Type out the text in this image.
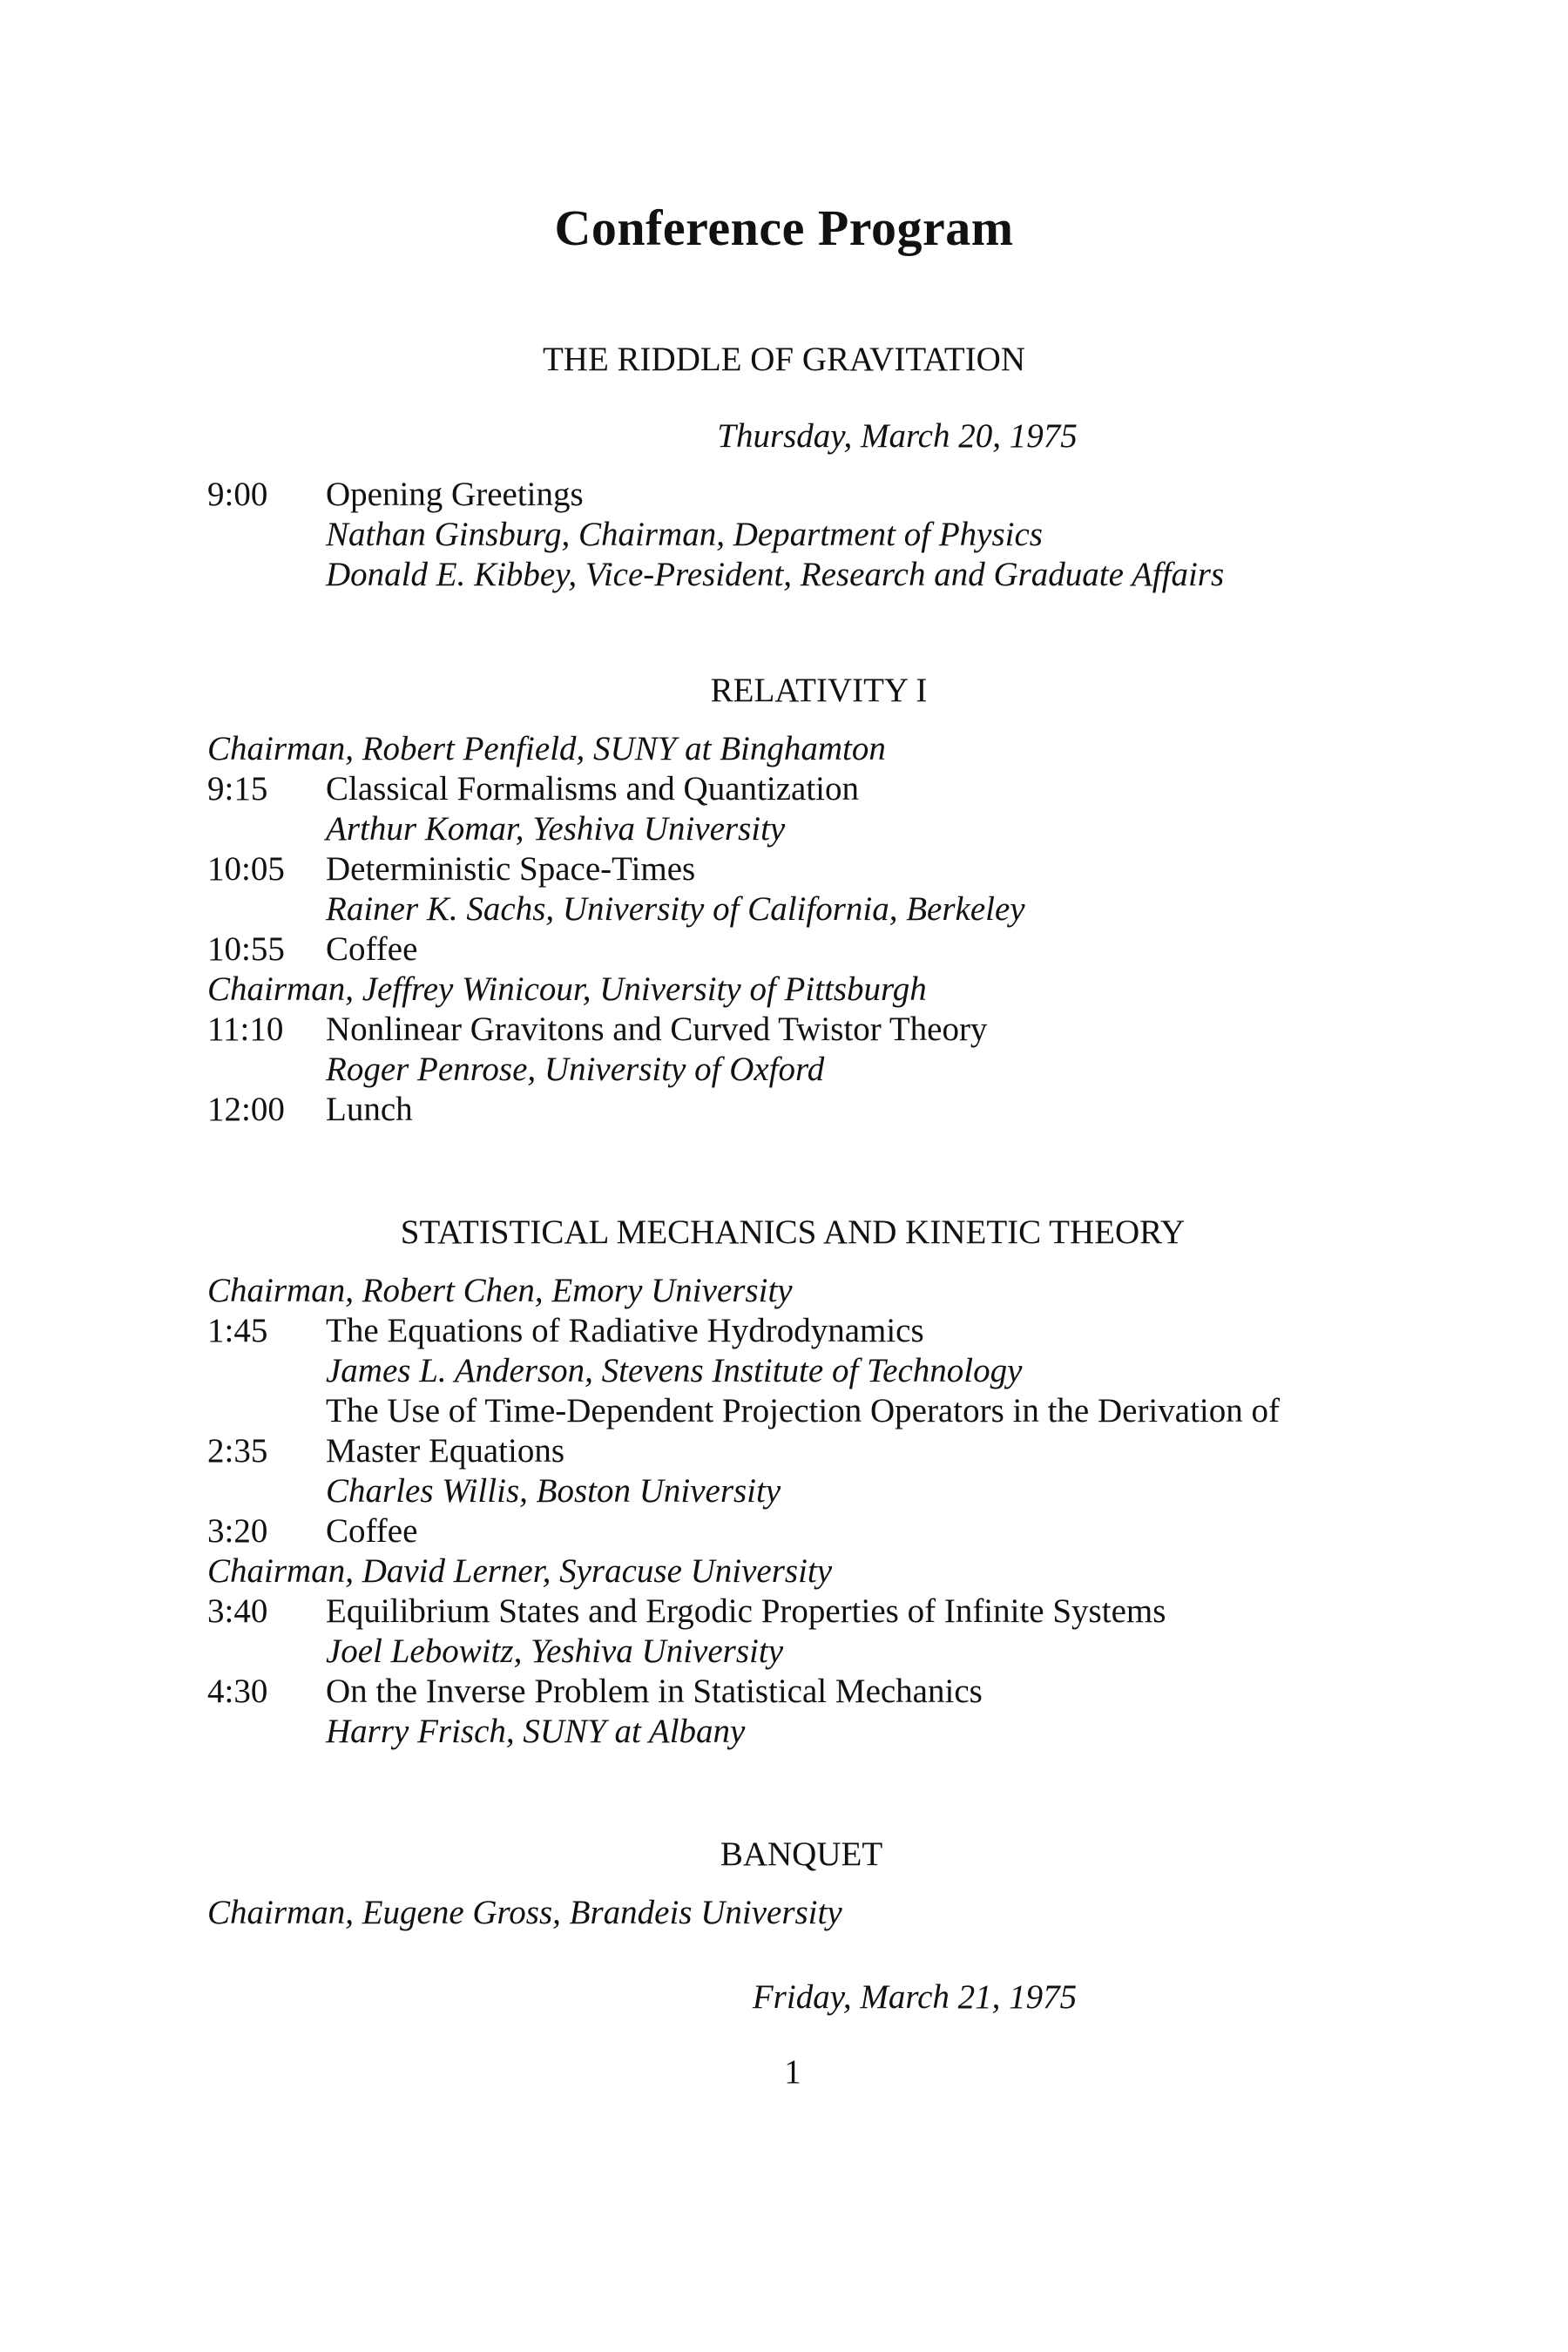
Conference Program
THE RIDDLE OF GRAVITATION
Thursday, March 20, 1975
9:00 Opening Greetings
Nathan Ginsburg, Chairman, Department of Physics
Donald E. Kibbey, Vice-President, Research and Graduate Affairs
RELATIVITY I
Chairman, Robert Penfield, SUNY at Binghamton
9:15 Classical Formalisms and Quantization
Arthur Komar, Yeshiva University
10:05 Deterministic Space-Times
Rainer K. Sachs, University of California, Berkeley
10:55 Coffee
Chairman, Jeffrey Winicour, University of Pittsburgh
11:10 Nonlinear Gravitons and Curved Twistor Theory
Roger Penrose, University of Oxford
12:00 Lunch
STATISTICAL MECHANICS AND KINETIC THEORY
Chairman, Robert Chen, Emory University
1:45 The Equations of Radiative Hydrodynamics
James L. Anderson, Stevens Institute of Technology
The Use of Time-Dependent Projection Operators in the Derivation of
2:35 Master Equations
Charles Willis, Boston University
3:20 Coffee
Chairman, David Lerner, Syracuse University
3:40 Equilibrium States and Ergodic Properties of Infinite Systems
Joel Lebowitz, Yeshiva University
4:30 On the Inverse Problem in Statistical Mechanics
Harry Frisch, SUNY at Albany
BANQUET
Chairman, Eugene Gross, Brandeis University
Friday, March 21, 1975
1
